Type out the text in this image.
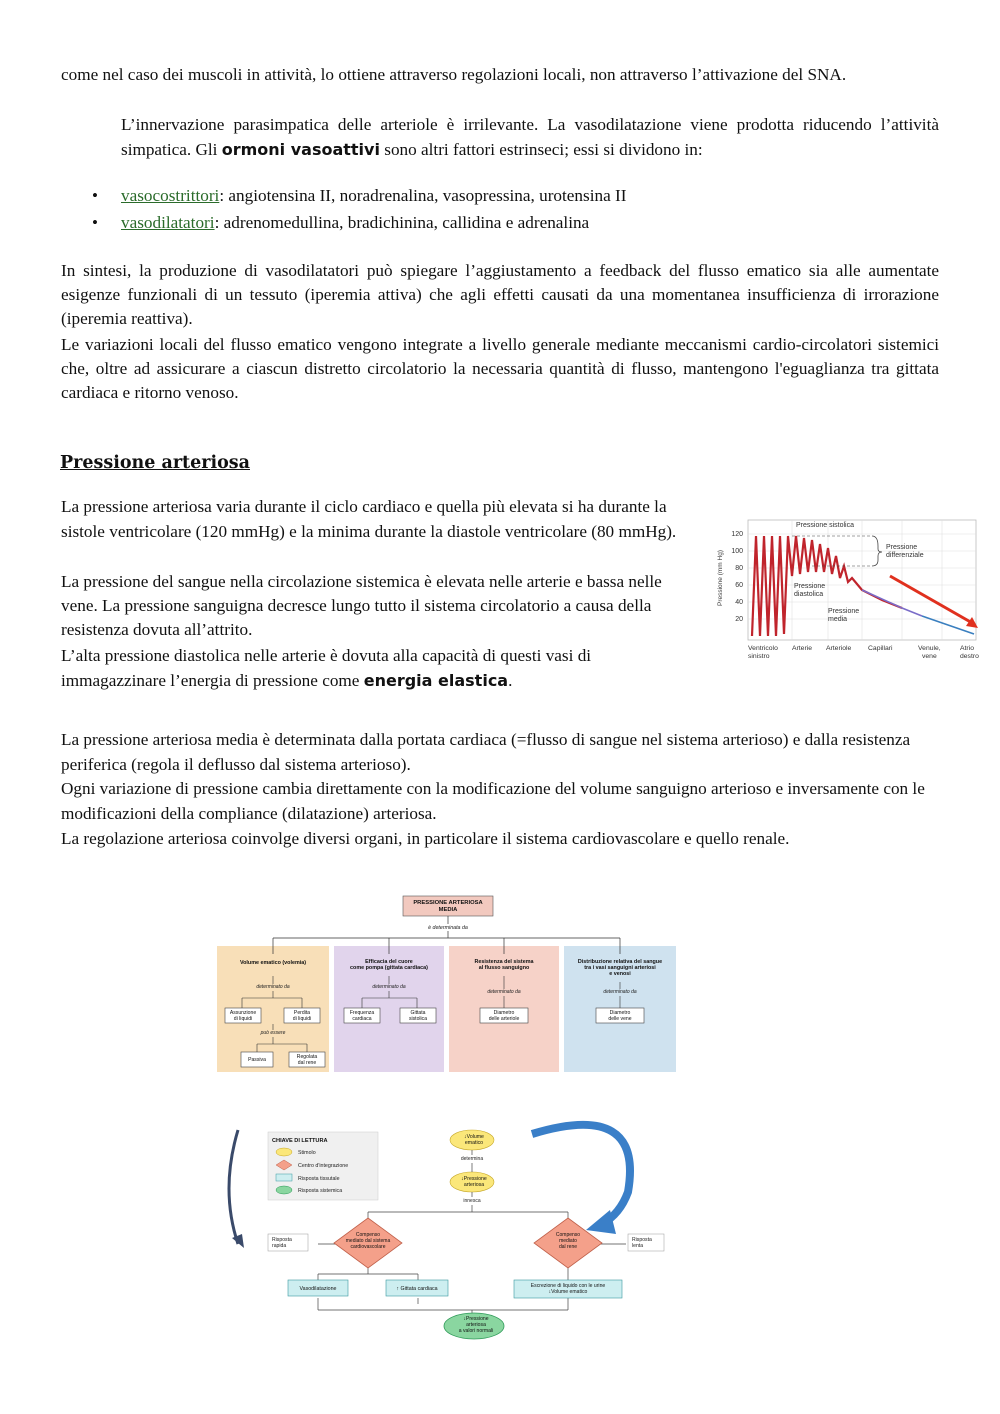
come nel caso dei muscoli in attività, lo ottiene attraverso regolazioni locali, non attraverso l’attivazione del SNA.
L’innervazione parasimpatica delle arteriole è irrilevante. La vasodilatazione viene prodotta riducendo l’attività simpatica. Gli ormoni vasoattivi sono altri fattori estrinseci; essi si dividono in:
• vasocostrittori: angiotensina II, noradrenalina, vasopressina, urotensina II
• vasodilatatori: adrenomedullina, bradichinina, callidina e adrenalina
In sintesi, la produzione di vasodilatatori può spiegare l’aggiustamento a feedback del flusso ematico sia alle aumentate esigenze funzionali di un tessuto (iperemia attiva) che agli effetti causati da una momentanea insufficienza di irrorazione (iperemia reattiva).
Le variazioni locali del flusso ematico vengono integrate a livello generale mediante meccanismi cardio-circolatori sistemici che, oltre ad assicurare a ciascun distretto circolatorio la necessaria quantità di flusso, mantengono l'eguaglianza tra gittata cardiaca e ritorno venoso.
Pressione arteriosa
La pressione arteriosa varia durante il ciclo cardiaco e quella più elevata si ha durante la sistole ventricolare (120 mmHg) e la minima durante la diastole ventricolare (80 mmHg).
La pressione del sangue nella circolazione sistemica è elevata nelle arterie e bassa nelle vene. La pressione sanguigna decresce lungo tutto il sistema circolatorio a causa della resistenza dovuta all’attrito.
L’alta pressione diastolica nelle arterie è dovuta alla capacità di questi vasi di immagazzinare l’energia di pressione come energia elastica.
Pressione (mm Hg)
120
100
80
60
40
20
Pressione sistolica
Pressione differenziale
Pressione diastolica
Pressione media
Ventricolo sinistro
Arterie Arteriole Capillari	Venule, vene
Atrio destro
La pressione arteriosa media è determinata dalla portata cardiaca (=flusso di sangue nel sistema arterioso) e dalla resistenza periferica (regola il deflusso dal sistema arterioso).
Ogni variazione di pressione cambia direttamente con la modificazione del volume sanguigno arterioso e inversamente con le modificazioni della compliance (dilatazione) arteriosa.
La regolazione arteriosa coinvolge diversi organi, in particolare il sistema cardiovascolare e quello renale.
PRESSIONE ARTERIOSA MEDIA
è determinata da
Volume ematico (volemia)	Efficacia del cuore come pompa (gittata cardiaca)
Resistenza del sistema al flusso sanguigno
Distribuzione relativa del sangue tra i vasi sanguigni arteriosi e venosi
determinato da	determinato da
determinato da	determinato da
può essere
Assunzione di liquidi
Perdita di liquidi
Passiva	Regolata dal rene
Frequenza cardiaca
Gittata sistolica
Diametro delle arteriole
Diametro delle vene
CHIAVE DI LETTURA
Stimolo
Centro d'integrazione
Risposta tissutale
Risposta sistemica
↓Volume ematico
determina
↓Pressione arteriosa
innesca
Compenso mediato dal sistema cardiovascolare
Compenso mediato dal rene
Risposta rapida
Risposta lenta
Vasodilatazione	↑ Gittata cardiaca	Escrezione di liquido con le urine ↓Volume ematico
↓Pressione arteriosa a valori normali
